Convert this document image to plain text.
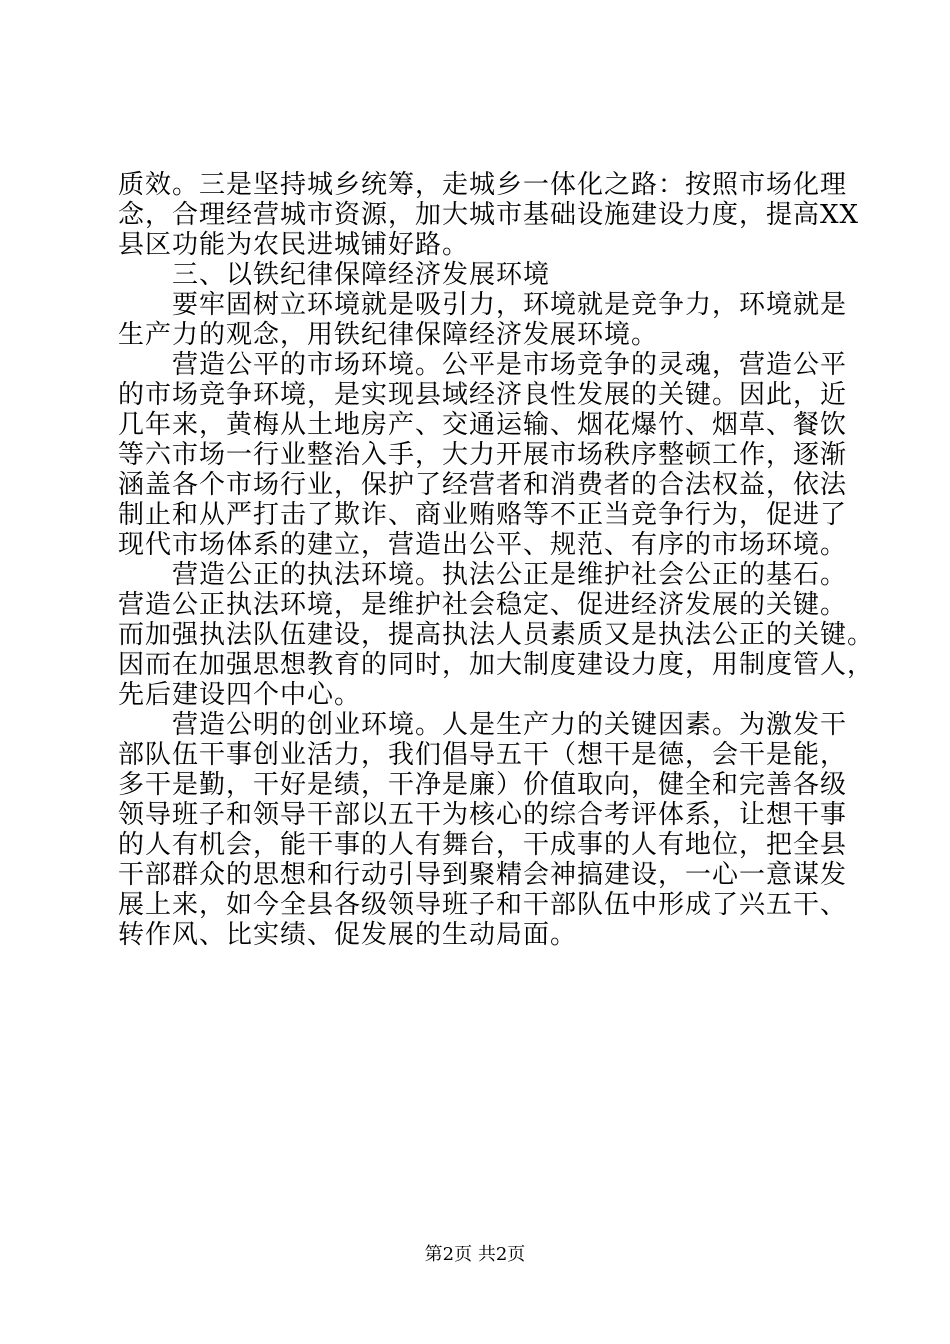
质效。三是坚持城乡统筹，走城乡一体化之路：按照市场化理
念，合理经营城市资源，加大城市基础设施建设力度，提高XX
县区功能为农民进城铺好路。
　　三、以铁纪律保障经济发展环境
　　要牢固树立环境就是吸引力，环境就是竞争力，环境就是
生产力的观念，用铁纪律保障经济发展环境。
　　营造公平的市场环境。公平是市场竞争的灵魂，营造公平
的市场竞争环境，是实现县域经济良性发展的关键。因此，近
几年来，黄梅从土地房产、交通运输、烟花爆竹、烟草、餐饮
等六市场一行业整治入手，大力开展市场秩序整顿工作，逐渐
涵盖各个市场行业，保护了经营者和消费者的合法权益，依法
制止和从严打击了欺诈、商业贿赂等不正当竞争行为，促进了
现代市场体系的建立，营造出公平、规范、有序的市场环境。
　　营造公正的执法环境。执法公正是维护社会公正的基石。
营造公正执法环境，是维护社会稳定、促进经济发展的关键。
而加强执法队伍建设，提高执法人员素质又是执法公正的关键。
因而在加强思想教育的同时，加大制度建设力度，用制度管人，
先后建设四个中心。
　　营造公明的创业环境。人是生产力的关键因素。为激发干
部队伍干事创业活力，我们倡导五干（想干是德，会干是能，
多干是勤，干好是绩，干净是廉）价值取向，健全和完善各级
领导班子和领导干部以五干为核心的综合考评体系，让想干事
的人有机会，能干事的人有舞台，干成事的人有地位，把全县
干部群众的思想和行动引导到聚精会神搞建设，一心一意谋发
展上来，如今全县各级领导班子和干部队伍中形成了兴五干、
转作风、比实绩、促发展的生动局面。
第2页 共2页
